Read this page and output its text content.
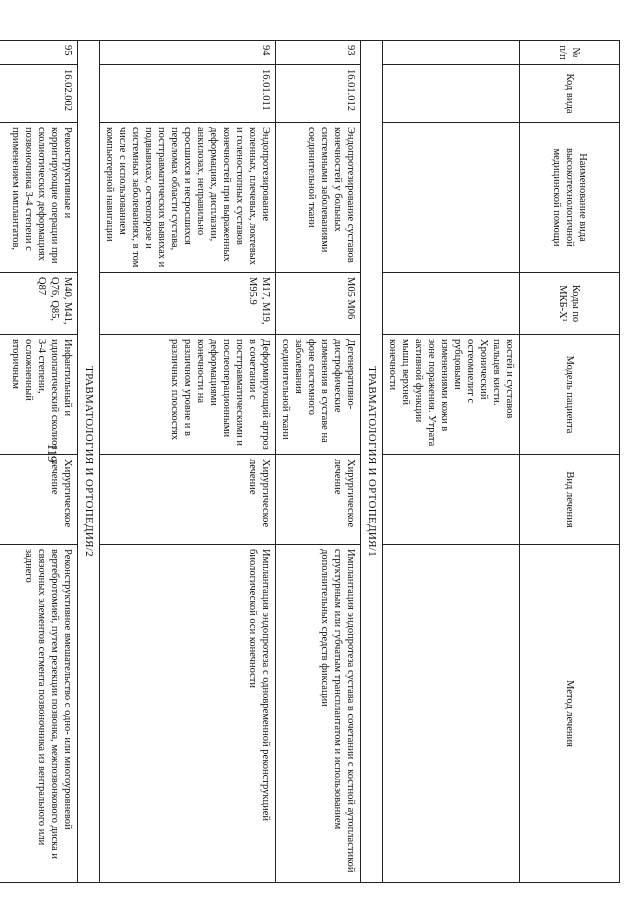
119
№ п/п	Код вида	Наименование вида высокотехнологичной медицинской помощи	Коды по МКБ-X¹	Модель пациента	Вид лечения	Метод лечения
				костей и суставов пальцев кисти. Хронический остеомиелит с рубцовыми изменениями кожи в зоне поражения. Утрата активной функции мышц верхней конечности		
ТРАВМАТОЛОГИЯ И ОРТОПЕДИЯ/1						
93	16.01.012	Эндопротезирование суставов конечностей у больных системными заболеваниями соединительной ткани	M05 M06	Дегенеративно-дистрофические изменения в суставе на фоне системного заболевания соединительной ткани	Хирургическое лечение	Имплантация эндопротеза сустава в сочетании с костной аутопластикой структурным или губчатым трансплантатом и использованием дополнительных средств фиксации
94	16.01.011	Эндопротезирование коленных, плечевых, локтевых и голеностопных суставов конечностей при выраженных деформациях, дисплазии, анкилозах, неправильно сросшихся и несросшихся переломах области сустава, посттравматических вывихах и подвывихах, остеопорозе и системных заболеваниях, в том числе с использованием компьютерной навигации	M17, M19, M95.9	Деформирующий артроз в сочетании с посттравматическими и послеоперационными деформациями конечности на различном уровне и в различных плоскостях	Хирургическое лечение	Имплантация эндопротеза с одновременной реконструкцией биологической оси конечности
ТРАВМАТОЛОГИЯ И ОРТОПЕДИЯ/2						
95	16.02.002	Реконструктивные и корригирующие операции при сколиотических деформациях позвоночника 3-4 степени с применением имплантатов,	M40, M41, Q76, Q85, Q87	Инфантильный и идиопатический сколиоз 3-4 степени, осложненный вторичным	Хирургическое лечение	Реконструктивное вмешательство с одно- или многоуровневой вертебротомией, путем резекции позвонка, межпозвонкового диска и связочных элементов сегмента позвоночника из вентрального или заднего
